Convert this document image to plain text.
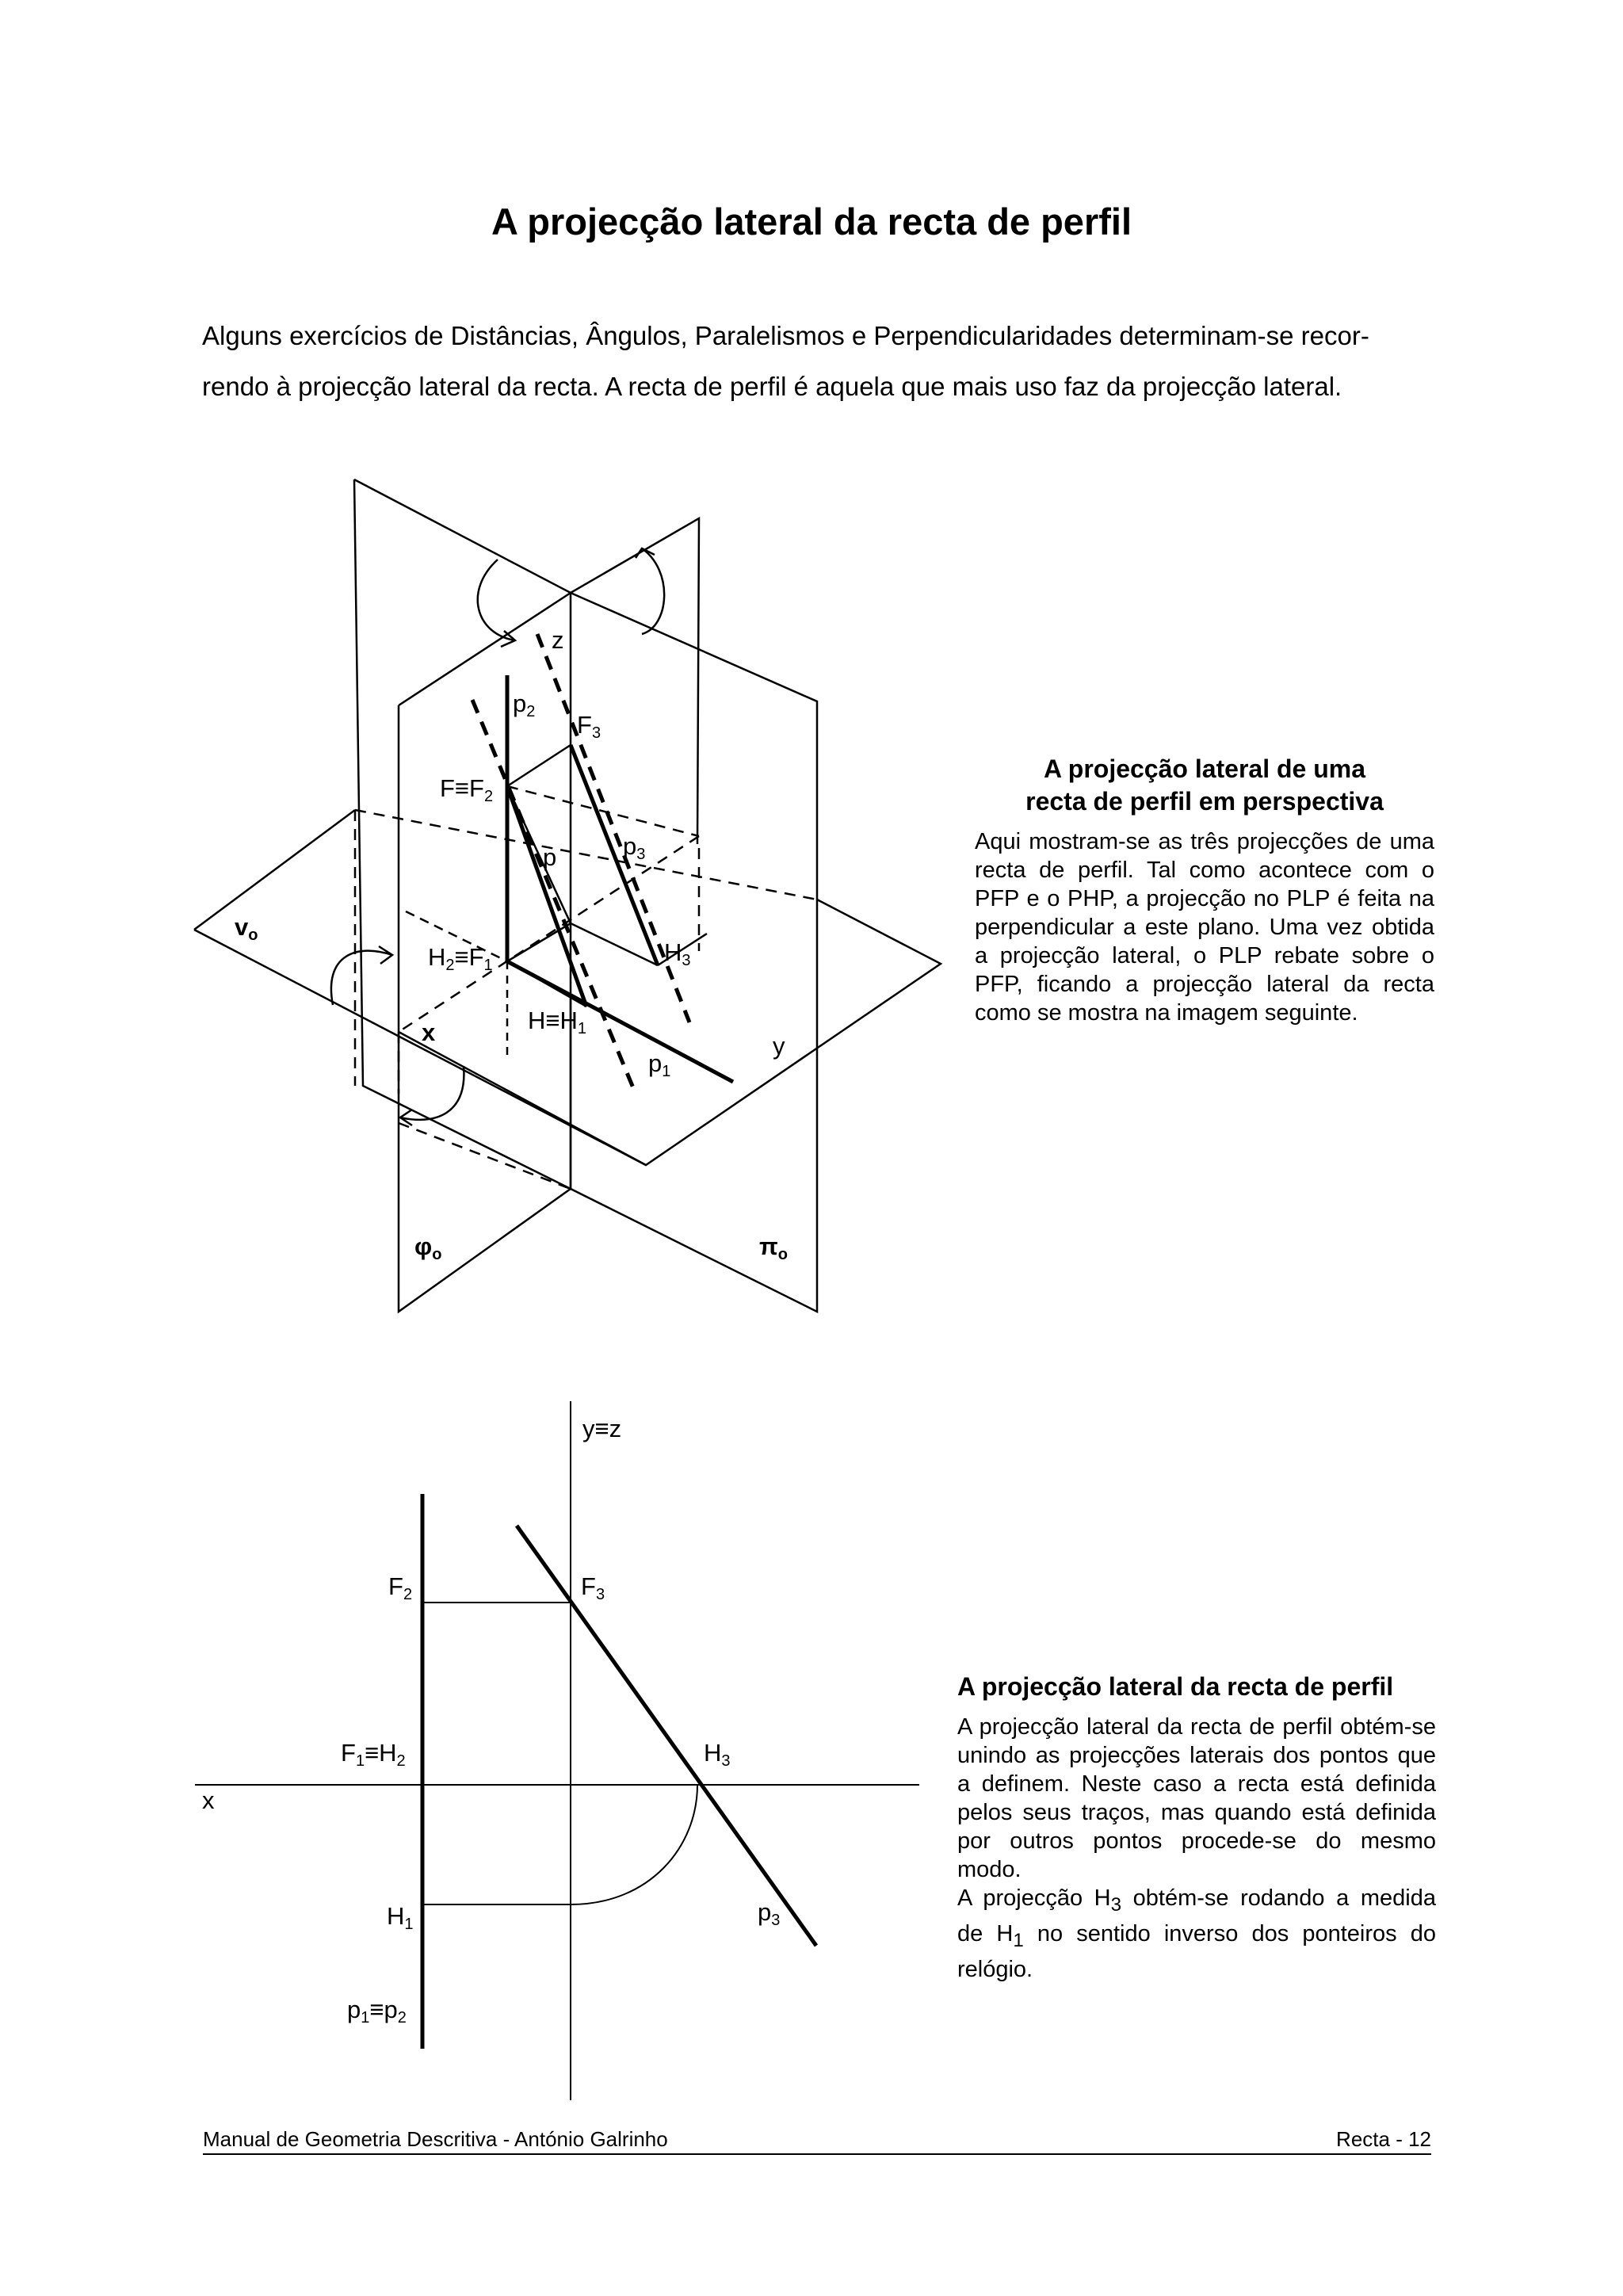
A projecção lateral da recta de perfil

Alguns exercícios de Distâncias, Ângulos, Paralelismos e Perpendicularidades determinam-se recor-

rendo à projecção lateral da recta. A recta de perfil é aquela que mais uso faz da projecção lateral.

z
p2 F3
F≡F2
p3
p
H2≡F1	H3
x	H≡H1
p1
y
vo
φo	πo
A projecção lateral de uma
recta de perfil em perspectiva
Aqui mostram-se as três projecções de uma recta de perfil. Tal como acontece com o PFP e o PHP, a projecção no PLP é feita na perpendicular a este plano. Uma vez obtida a projecção lateral, o PLP rebate sobre o PFP, ficando a projecção lateral da recta como se mostra na imagem seguinte.
y≡z
F2	F3
F1≡H2	H3
x
H1	p3
p1≡p2
A projecção lateral da recta de perfil
A projecção lateral da recta de perfil obtém-se unindo as projecções laterais dos pontos que a definem. Neste caso a recta está definida pelos seus traços, mas quando está definida por outros pontos procede-se do mesmo modo.
A projecção $H_3$ obtém-se rodando a medida de $H_1$ no sentido inverso dos ponteiros do relógio.
Manual de Geometria Descritiva - António Galrinho	Recta - 12
